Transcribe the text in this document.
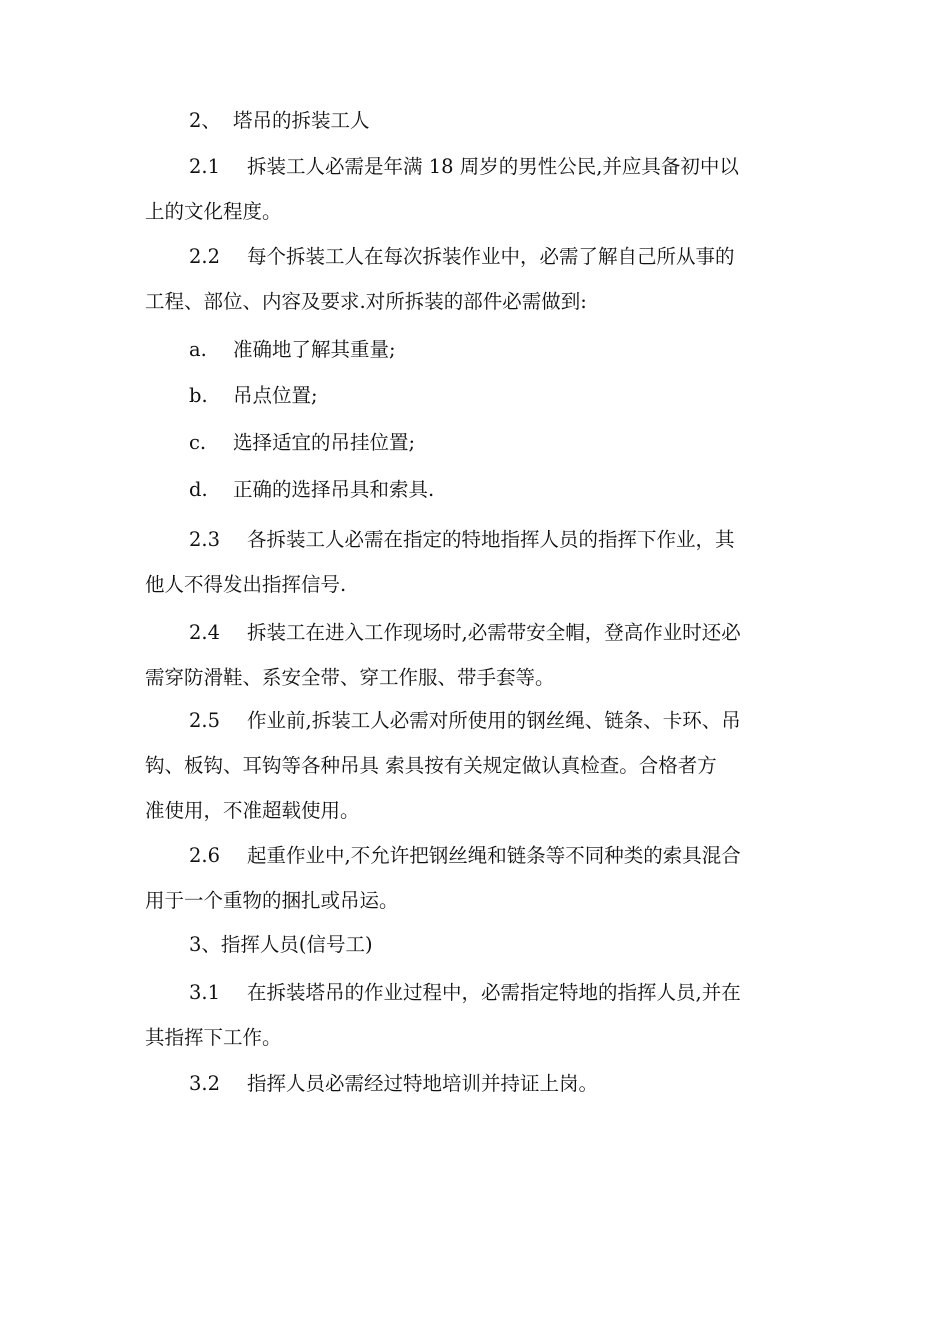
2、 塔吊的拆装工人

2.1 拆装工人必需是年满 18 周岁的男性公民,并应具备初中以
上的文化程度。

2.2 每个拆装工人在每次拆装作业中，必需了解自己所从事的
工程、部位、内容及要求.对所拆装的部件必需做到:

a. 准确地了解其重量;

b. 吊点位置;

c. 选择适宜的吊挂位置;

d. 正确的选择吊具和索具.

2.3 各拆装工人必需在指定的特地指挥人员的指挥下作业，其
他人不得发出指挥信号.

2.4 拆装工在进入工作现场时,必需带安全帽，登高作业时还必
需穿防滑鞋、系安全带、穿工作服、带手套等。

2.5 作业前,拆装工人必需对所使用的钢丝绳、链条、卡环、吊
钩、板钩、耳钩等各种吊具 索具按有关规定做认真检查。合格者方
准使用，不准超载使用。

2.6 起重作业中,不允许把钢丝绳和链条等不同种类的索具混合
用于一个重物的捆扎或吊运。

3、指挥人员(信号工)

3.1 在拆装塔吊的作业过程中，必需指定特地的指挥人员,并在
其指挥下工作。

3.2 指挥人员必需经过特地培训并持证上岗。
